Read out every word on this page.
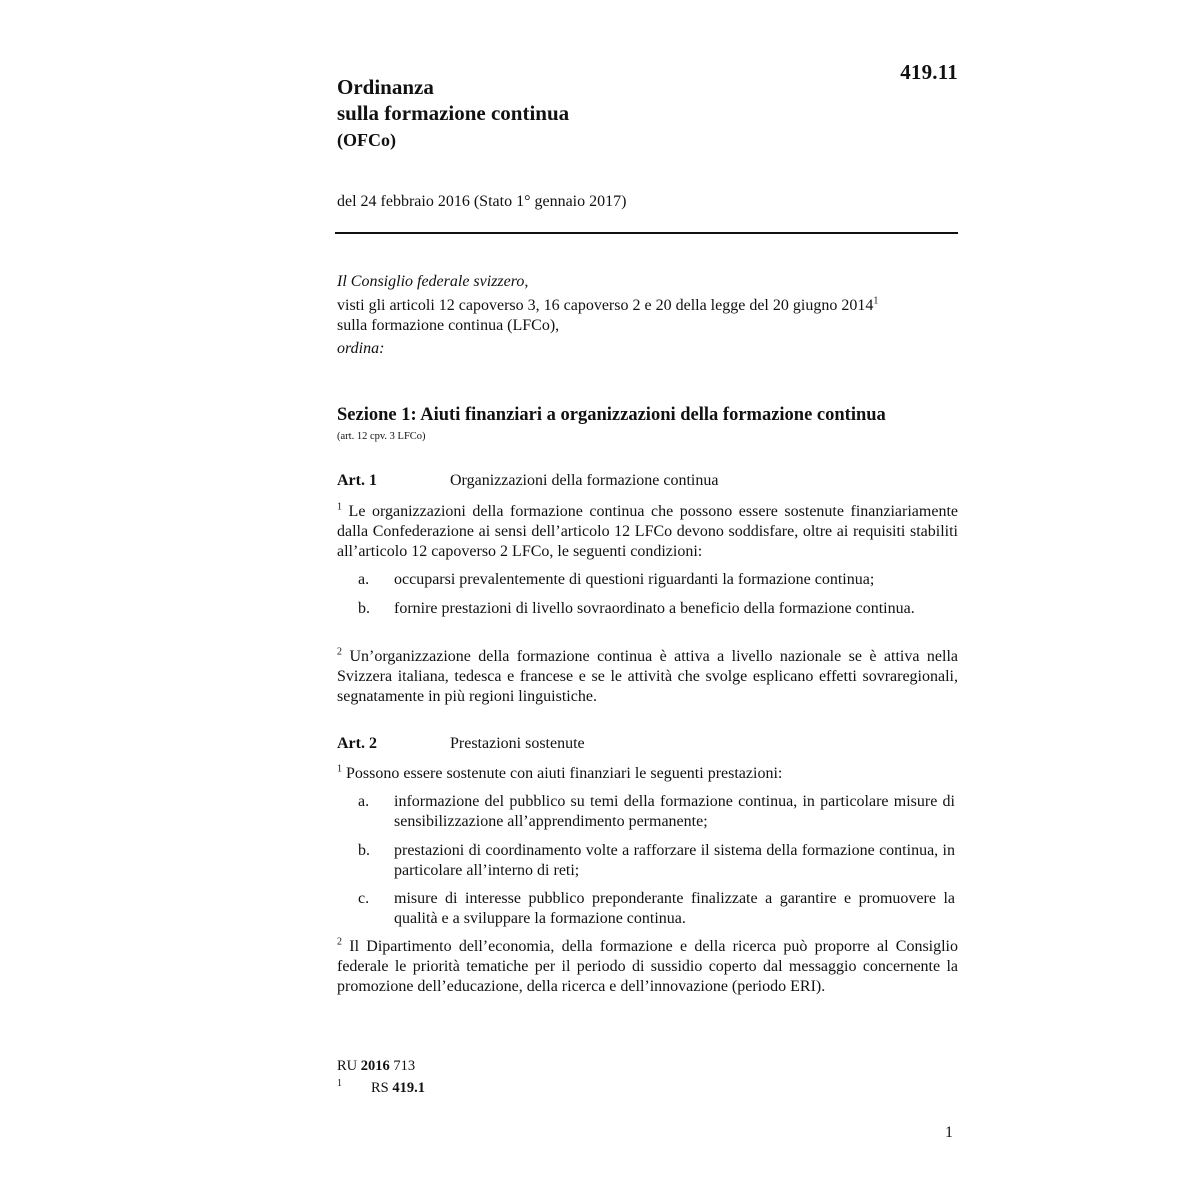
419.11
Ordinanza
sulla formazione continua
(OFCo)
del 24 febbraio 2016 (Stato 1° gennaio 2017)
Il Consiglio federale svizzero,
visti gli articoli 12 capoverso 3, 16 capoverso 2 e 20 della legge del 20 giugno 2014$^1$
sulla formazione continua (LFCo),
ordina:
Sezione 1: Aiuti finanziari a organizzazioni della formazione continua
(art. 12 cpv. 3 LFCo)
Art. 1	Organizzazioni della formazione continua
$^1$ Le organizzazioni della formazione continua che possono essere sostenute finanziariamente dalla Confederazione ai sensi dell’articolo 12 LFCo devono soddisfare, oltre ai requisiti stabiliti all’articolo 12 capoverso 2 LFCo, le seguenti condizioni:
a. occuparsi prevalentemente di questioni riguardanti la formazione continua;
b. fornire prestazioni di livello sovraordinato a beneficio della formazione continua.
$^2$ Un’organizzazione della formazione continua è attiva a livello nazionale se è attiva nella Svizzera italiana, tedesca e francese e se le attività che svolge esplicano effetti sovraregionali, segnatamente in più regioni linguistiche.
Art. 2	Prestazioni sostenute
$^1$ Possono essere sostenute con aiuti finanziari le seguenti prestazioni:
a. informazione del pubblico su temi della formazione continua, in particolare misure di sensibilizzazione all’apprendimento permanente;
b. prestazioni di coordinamento volte a rafforzare il sistema della formazione continua, in particolare all’interno di reti;
c. misure di interesse pubblico preponderante finalizzate a garantire e promuovere la qualità e a sviluppare la formazione continua.
$^2$ Il Dipartimento dell’economia, della formazione e della ricerca può proporre al Consiglio federale le priorità tematiche per il periodo di sussidio coperto dal messaggio concernente la promozione dell’educazione, della ricerca e dell’innovazione (periodo ERI).
RU 2016 713
1 RS 419.1
1
